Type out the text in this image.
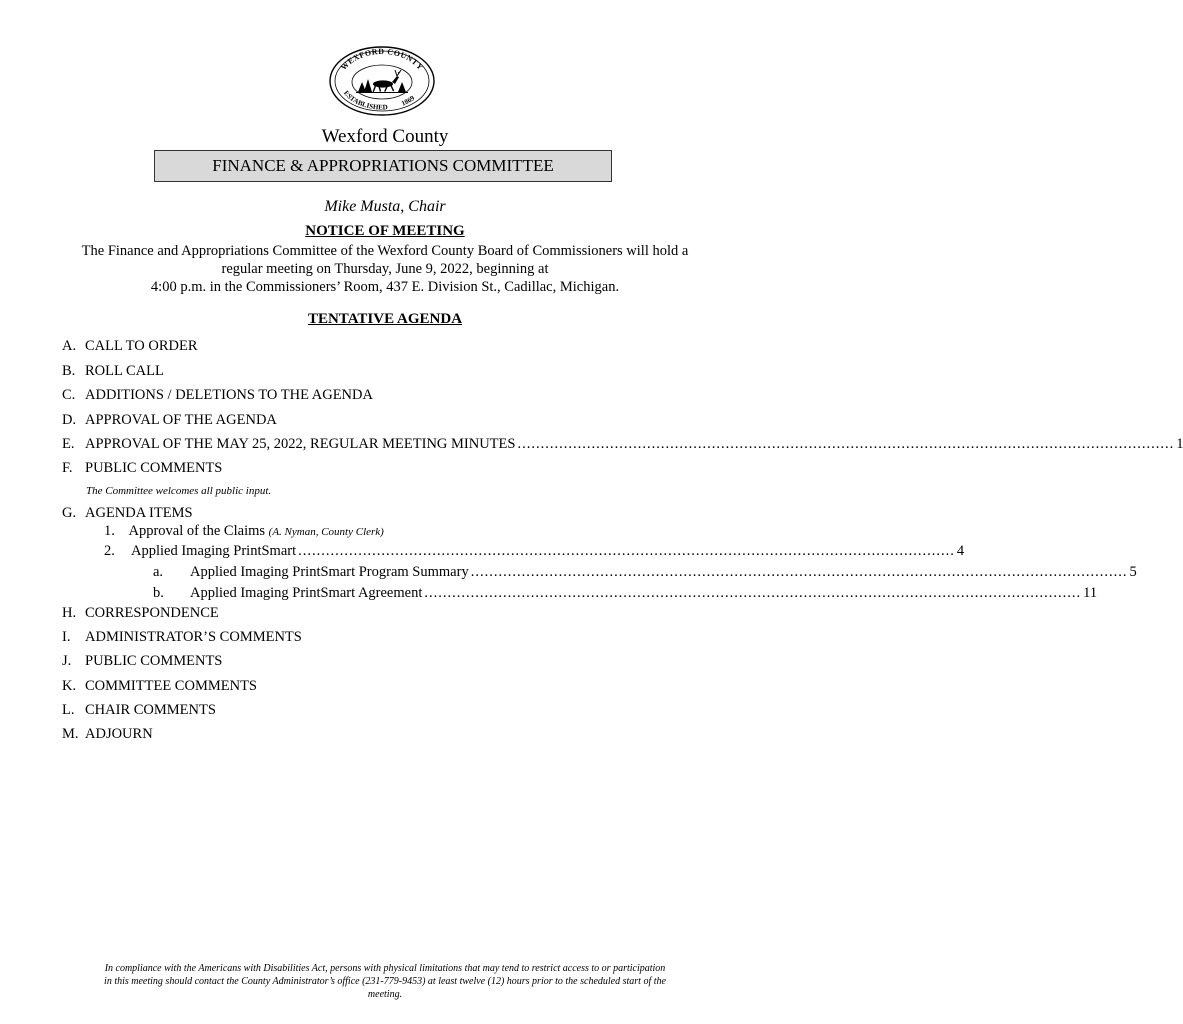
WEXFORD COUNTY
ESTABLISHED 1869
Wexford County
FINANCE & APPROPRIATIONS COMMITTEE
Mike Musta, Chair
NOTICE OF MEETING
The Finance and Appropriations Committee of the Wexford County Board of Commissioners will hold a
regular meeting on Thursday, June 9, 2022, beginning at
4:00 p.m. in the Commissioners’ Room, 437 E. Division St., Cadillac, Michigan.
TENTATIVE AGENDA
A. CALL TO ORDER
B. ROLL CALL
C. ADDITIONS / DELETIONS TO THE AGENDA
D. APPROVAL OF THE AGENDA
E. APPROVAL OF THE MAY 25, 2022, REGULAR MEETING MINUTES .............................................................................................................................................. 1
F. PUBLIC COMMENTS
The Committee welcomes all public input.
G. AGENDA ITEMS
1. Approval of the Claims (A. Nyman, County Clerk)
2. Applied Imaging PrintSmart .............................................................................................................................................. 4
a. Applied Imaging PrintSmart Program Summary .............................................................................................................................................. 5
b. Applied Imaging PrintSmart Agreement .............................................................................................................................................. 11
H. CORRESPONDENCE
I. ADMINISTRATOR’S COMMENTS
J. PUBLIC COMMENTS
K. COMMITTEE COMMENTS
L. CHAIR COMMENTS
M. ADJOURN
In compliance with the Americans with Disabilities Act, persons with physical limitations that may tend to restrict access to or participation
in this meeting should contact the County Administrator’s office (231-779-9453) at least twelve (12) hours prior to the scheduled start of the
meeting.
